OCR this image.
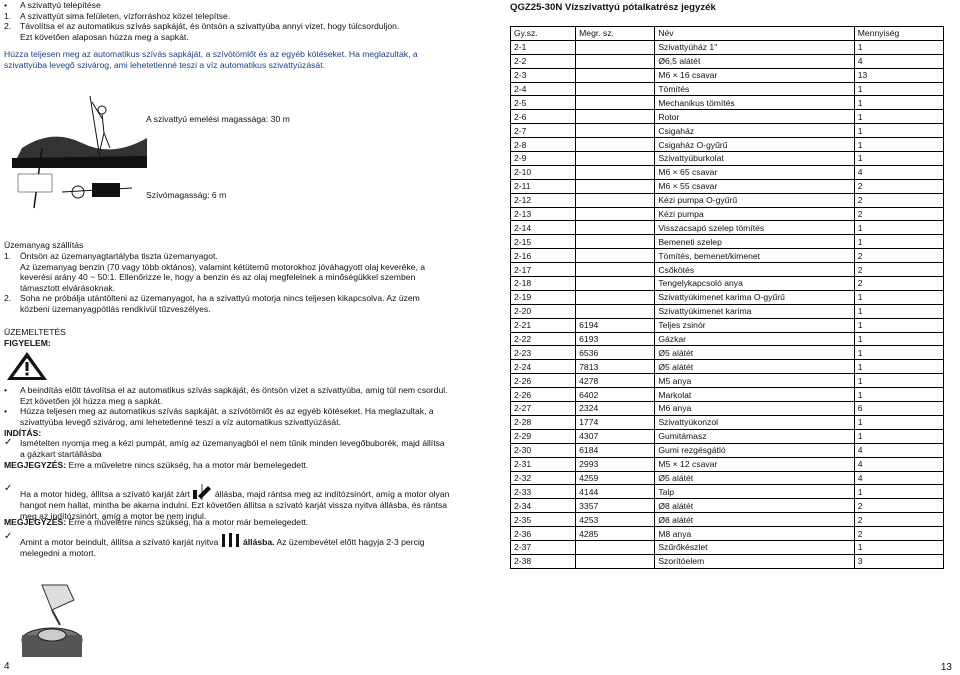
• A szivattyú telepítése
1. A szivattyút sima felületen, vízforráshoz közel telepítse.
2. Távolítsa el az automatikus szívás sapkáját, és öntsön a szivattyúba annyi vizet, hogy túlcsorduljon.
Ezt követően alaposan húzza meg a sapkát.
Húzza teljesen meg az automatikus szívás sapkáját, a szívótömlőt és az egyéb kötéseket. Ha meglazultak, a szivattyúba levegő szivárog, ami lehetetlenné teszi a víz automatikus szivattyúzását.
A szivattyú emelési magassága: 30 m
Szívómagasság: 6 m
Üzemanyag szállítás
1. Öntsön az üzemanyagtartályba tiszta üzemanyagot.
Az üzemanyag benzin (70 vagy több oktános), valamint kétütemű motorokhoz jóváhagyott olaj keveréke, a keverési arány 40 ~ 50:1. Ellenőrizze le, hogy a benzin és az olaj megfelelnek a minőségükkel szemben támasztott elvárásoknak.
2. Soha ne próbálja utántölteni az üzemanyagot, ha a szivattyú motorja nincs teljesen kikapcsolva. Az üzem közbeni üzemanyagpótlás rendkívül tűzveszélyes.
ÜZEMELTETÉS
FIGYELEM:
• A beindítás előtt távolítsa el az automatikus szívás sapkáját, és öntsön vizet a szivattyúba, amíg túl nem csordul. Ezt követően jól húzza meg a sapkát.
• Húzza teljesen meg az automatikus szívás sapkáját, a szívótömlőt és az egyéb kötéseket. Ha meglazultak, a szivattyúba levegő szivárog, ami lehetetlenné teszi a víz automatikus szivattyúzását.
INDÍTÁS:
✓ Ismételten nyomja meg a kézi pumpát, amíg az üzemanyagból el nem tűnik minden levegőbuborék, majd állítsa a gázkart startállásba
MEGJEGYZÉS: Erre a műveletre nincs szükség, ha a motor már bemelegedett.
✓ Ha a motor hideg, állítsa a szívató karját zárt	állásba, majd rántsa meg az indítózsinórt, amíg a motor olyan hangot nem hallat, mintha be akarna indulni. Ezt követően állítsa a szívató karját vissza nyitva állásba, és rántsa meg az indítózsinórt, amíg a motor be nem indul.
MEGJEGYZÉS: Erre a műveletre nincs szükség, ha a motor már bemelegedett.
✓ Amint a motor beindult, állítsa a szívató karját nyitva	állásba. Az üzembevétel előtt hagyja 2-3 percig melegedni a motort.
4
QGZ25-30N Vízszivattyú pótalkatrész jegyzék
Gy.sz.	Megr. sz.	Név	Mennyiség
2-1		Szivattyúház 1"	1
2-2		Ø6,5 alátét	4
2-3		M6 × 16 csavar	13
2-4		Tömítés	1
2-5		Mechanikus tömítés	1
2-6		Rotor	1
2-7		Csigaház	1
2-8		Csigaház O-gyűrű	1
2-9		Szivattyúburkolat	1
2-10		M6 × 65 csavar	4
2-11		M6 × 55 csavar	2
2-12		Kézi pumpa O-gyűrű	2
2-13		Kézi pumpa	2
2-14		Visszacsapó szelep tömítés	1
2-15		Bemeneti szelep	1
2-16		Tömítés, bemenet/kimenet	2
2-17		Csőkötés	2
2-18		Tengelykapcsoló anya	2
2-19		Szivattyúkimenet karima O-gyűrű	1
2-20		Szivattyúkimenet karima	1
2-21	6194	Teljes zsinór	1
2-22	6193	Gázkar	1
2-23	6536	Ø5 alátét	1
2-24	7813	Ø5 alátét	1
2-26	4278	M5 anya	1
2-26	6402	Markolat	1
2-27	2324	M6 anya	6
2-28	1774	Szivattyúkonzol	1
2-29	4307	Gumitámasz	1
2-30	6184	Gumi rezgésgátló	4
2-31	2993	M5 × 12 csavar	4
2-32	4259	Ø5 alátét	4
2-33	4144	Talp	1
2-34	3357	Ø8 alátét	2
2-35	4253	Ø8 alátét	2
2-36	4285	M8 anya	2
2-37		Szűrőkészlet	1
2-38		Szorítóelem	3
13
